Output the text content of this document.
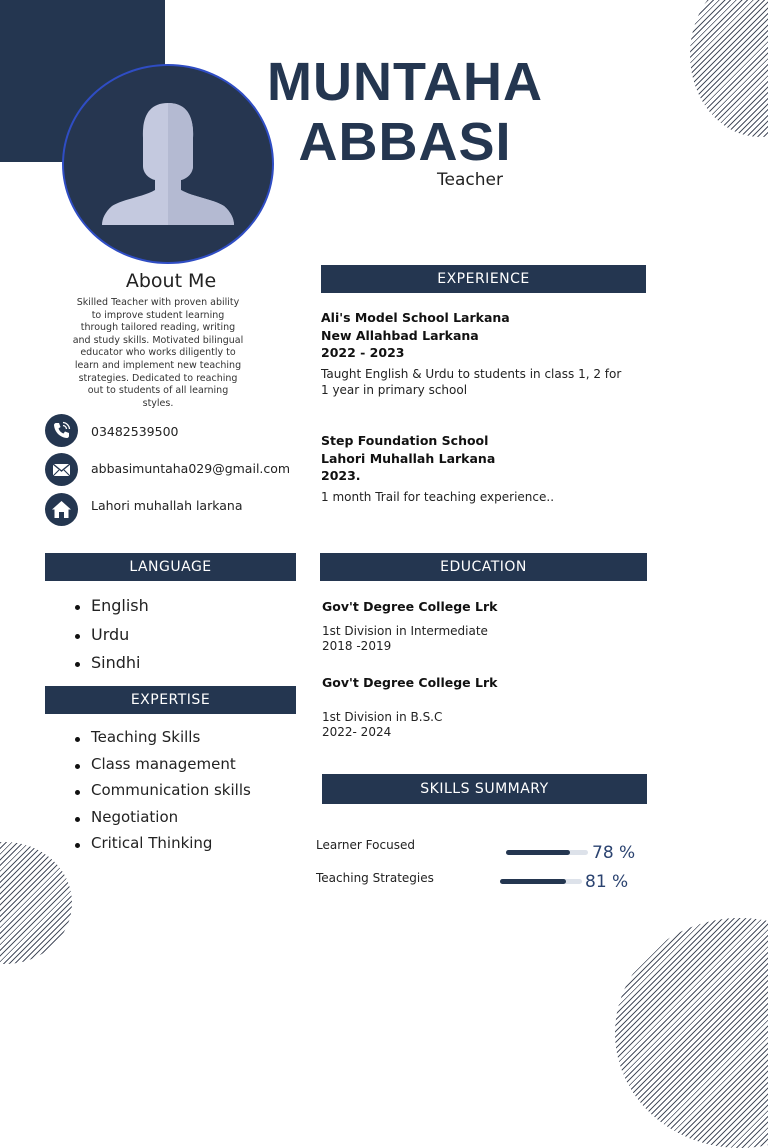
MUNTAHA
ABBASI
Teacher
About Me
Skilled Teacher with proven ability to improve student learning through tailored reading, writing and study skills. Motivated bilingual educator who works diligently to learn and implement new teaching strategies. Dedicated to reaching out to students of all learning styles.
03482539500
abbasimuntaha029@gmail.com
Lahori muhallah larkana
EXPERIENCE
Ali's Model School Larkana
New Allahbad Larkana
2022 - 2023
Taught English & Urdu to students in class 1, 2 for 1 year in primary school
Step Foundation School
Lahori Muhallah Larkana
2023.
1 month Trail for teaching experience..
LANGUAGE
English
Urdu
Sindhi
EXPERTISE
Teaching Skills
Class management
Communication skills
Negotiation
Critical Thinking
EDUCATION
Gov't Degree College Lrk
1st Division in Intermediate
2018 -2019
Gov't Degree College Lrk
1st Division in B.S.C
2022- 2024
SKILLS SUMMARY
Learner Focused	78 %
Teaching Strategies	81 %
